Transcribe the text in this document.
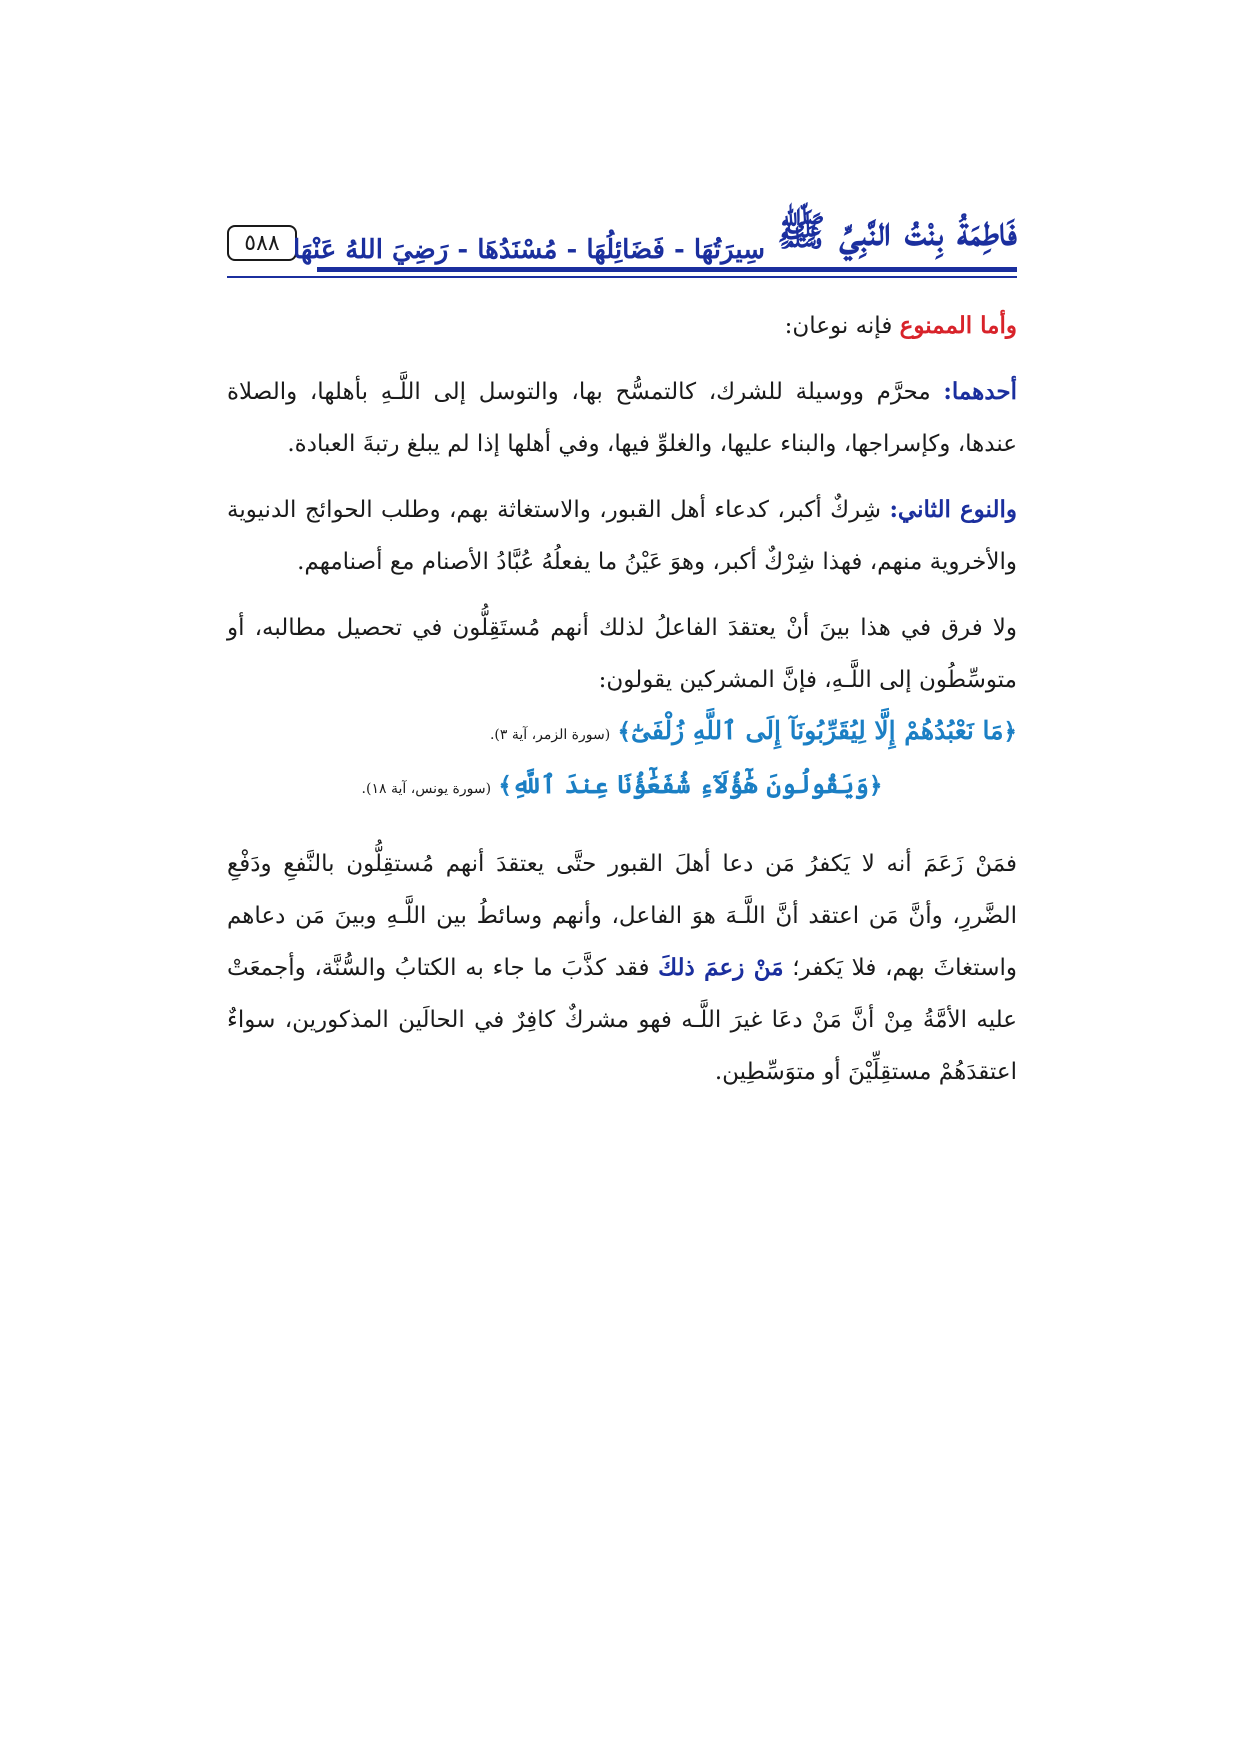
٥٨٨	فَاطِمَةُ بِنْتُ النَّبِيِّ ﷺ
سِيرَتُهَا - فَضَائِلُهَا - مُسْنَدُهَا - رَضِيَ اللهُ عَنْهَا

وأما الممنوع فإنه نوعان:

أحدهما: محرَّم ووسيلة للشرك، كالتمسُّح بها، والتوسل إلى اللَّـهِ بأهلها، والصلاة عندها، وكإسراجها، والبناء عليها، والغلوِّ فيها، وفي أهلها إذا لم يبلغ رتبةَ العبادة.

والنوع الثاني: شِركٌ أكبر، كدعاء أهل القبور، والاستغاثة بهم، وطلب الحوائج الدنيوية والأخروية منهم، فهذا شِرْكٌ أكبر، وهوَ عَيْنُ ما يفعلُهُ عُبَّادُ الأصنام مع أصنامهم.

ولا فرق في هذا بينَ أنْ يعتقدَ الفاعلُ لذلك أنهم مُستَقِلُّون في تحصيل مطالبه، أو متوسِّطُون إلى اللَّـهِ، فإنَّ المشركين يقولون:

﴿مَا نَعْبُدُهُمْ إِلَّا لِيُقَرِّبُونَآ إِلَى ٱللَّهِ زُلْفَىٰٓ﴾ (سورة الزمر، آية ٣).

﴿وَيَقُولُونَ هَٰٓؤُلَآءِ شُفَعَٰٓؤُنَا عِندَ ٱللَّهِ﴾ (سورة يونس، آية ١٨).

فمَنْ زَعَمَ أنه لا يَكفرُ مَن دعا أهلَ القبور حتَّى يعتقدَ أنهم مُستقِلُّون بالنَّفعِ ودَفْعِ الضَّررِ، وأنَّ مَن اعتقد أنَّ اللَّـهَ هوَ الفاعل، وأنهم وسائطُ بين اللَّـهِ وبينَ مَن دعاهم واستغاثَ بهم، فلا يَكفر؛ مَنْ زعمَ ذلكَ فقد كذَّبَ ما جاء به الكتابُ والسُّنَّة، وأجمعَتْ عليه الأمَّةُ مِنْ أنَّ مَنْ دعَا غيرَ اللَّـه فهو مشركٌ كافِرٌ في الحالَين المذكورين، سواءٌ اعتقدَهُمْ مستقِلِّيْنَ أو متوَسِّطِين.
